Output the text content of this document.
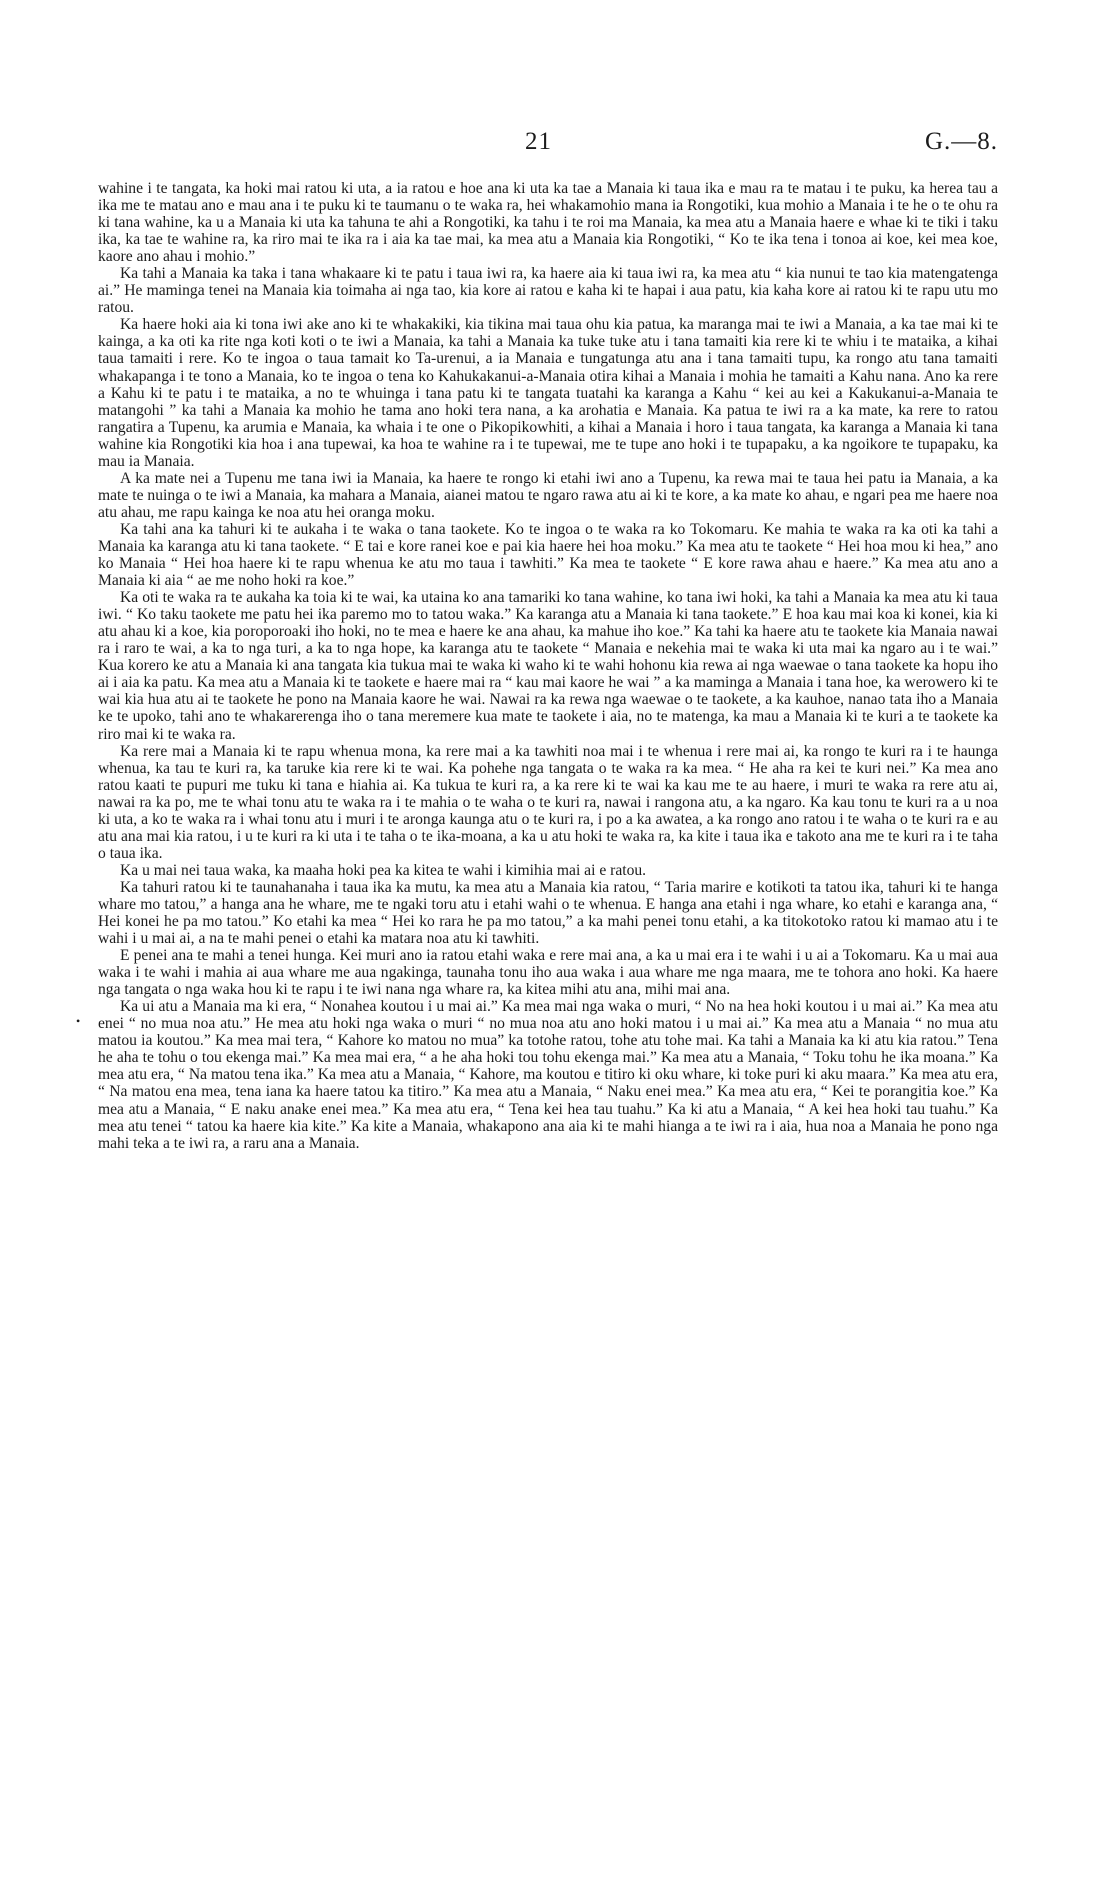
21	G.—8.
•

wahine i te tangata, ka hoki mai ratou ki uta, a ia ratou e hoe ana ki uta ka tae a Manaia ki taua ika e mau ra te matau i te puku, ka herea tau a ika me te matau ano e mau ana i te puku ki te taumanu o te waka ra, hei whakamohio mana ia Rongotiki, kua mohio a Manaia i te he o te ohu ra ki tana wahine, ka u a Manaia ki uta ka tahuna te ahi a Rongotiki, ka tahu i te roi ma Manaia, ka mea atu a Manaia haere e whae ki te tiki i taku ika, ka tae te wahine ra, ka riro mai te ika ra i aia ka tae mai, ka mea atu a Manaia kia Rongotiki, “ Ko te ika tena i tonoa ai koe, kei mea koe, kaore ano ahau i mohio.”

Ka tahi a Manaia ka taka i tana whakaare ki te patu i taua iwi ra, ka haere aia ki taua iwi ra, ka mea atu “ kia nunui te tao kia matengatenga ai.” He maminga tenei na Manaia kia toimaha ai nga tao, kia kore ai ratou e kaha ki te hapai i aua patu, kia kaha kore ai ratou ki te rapu utu mo ratou.

Ka haere hoki aia ki tona iwi ake ano ki te whakakiki, kia tikina mai taua ohu kia patua, ka maranga mai te iwi a Manaia, a ka tae mai ki te kainga, a ka oti ka rite nga koti koti o te iwi a Manaia, ka tahi a Manaia ka tuke tuke atu i tana tamaiti kia rere ki te whiu i te mataika, a kihai taua tamaiti i rere. Ko te ingoa o taua tamait ko Ta-urenui, a ia Manaia e tungatunga atu ana i tana tamaiti tupu, ka rongo atu tana tamaiti whakapanga i te tono a Manaia, ko te ingoa o tena ko Kahukakanui-a-Manaia otira kihai a Manaia i mohia he tamaiti a Kahu nana. Ano ka rere a Kahu ki te patu i te mataika, a no te whuinga i tana patu ki te tangata tuatahi ka karanga a Kahu “ kei au kei a Kakukanui-a-Manaia te matangohi ” ka tahi a Manaia ka mohio he tama ano hoki tera nana, a ka arohatia e Manaia. Ka patua te iwi ra a ka mate, ka rere to ratou rangatira a Tupenu, ka arumia e Manaia, ka whaia i te one o Pikopikowhiti, a kihai a Manaia i horo i taua tangata, ka karanga a Manaia ki tana wahine kia Rongotiki kia hoa i ana tupewai, ka hoa te wahine ra i te tupewai, me te tupe ano hoki i te tupapaku, a ka ngoikore te tupapaku, ka mau ia Manaia.

A ka mate nei a Tupenu me tana iwi ia Manaia, ka haere te rongo ki etahi iwi ano a Tupenu, ka rewa mai te taua hei patu ia Manaia, a ka mate te nuinga o te iwi a Manaia, ka mahara a Manaia, aianei matou te ngaro rawa atu ai ki te kore, a ka mate ko ahau, e ngari pea me haere noa atu ahau, me rapu kainga ke noa atu hei oranga moku.

Ka tahi ana ka tahuri ki te aukaha i te waka o tana taokete. Ko te ingoa o te waka ra ko Tokomaru. Ke mahia te waka ra ka oti ka tahi a Manaia ka karanga atu ki tana taokete. “ E tai e kore ranei koe e pai kia haere hei hoa moku.” Ka mea atu te taokete “ Hei hoa mou ki hea,” ano ko Manaia “ Hei hoa haere ki te rapu whenua ke atu mo taua i tawhiti.” Ka mea te taokete “ E kore rawa ahau e haere.” Ka mea atu ano a Manaia ki aia “ ae me noho hoki ra koe.”

Ka oti te waka ra te aukaha ka toia ki te wai, ka utaina ko ana tamariki ko tana wahine, ko tana iwi hoki, ka tahi a Manaia ka mea atu ki taua iwi. “ Ko taku taokete me patu hei ika paremo mo to tatou waka.” Ka karanga atu a Manaia ki tana taokete.” E hoa kau mai koa ki konei, kia ki atu ahau ki a koe, kia poroporoaki iho hoki, no te mea e haere ke ana ahau, ka mahue iho koe.” Ka tahi ka haere atu te taokete kia Manaia nawai ra i raro te wai, a ka to nga turi, a ka to nga hope, ka karanga atu te taokete “ Manaia e nekehia mai te waka ki uta mai ka ngaro au i te wai.” Kua korero ke atu a Manaia ki ana tangata kia tukua mai te waka ki waho ki te wahi hohonu kia rewa ai nga waewae o tana taokete ka hopu iho ai i aia ka patu. Ka mea atu a Manaia ki te taokete e haere mai ra “ kau mai kaore he wai ” a ka maminga a Manaia i tana hoe, ka werowero ki te wai kia hua atu ai te taokete he pono na Manaia kaore he wai. Nawai ra ka rewa nga waewae o te taokete, a ka kauhoe, nanao tata iho a Manaia ke te upoko, tahi ano te whakarerenga iho o tana meremere kua mate te taokete i aia, no te matenga, ka mau a Manaia ki te kuri a te taokete ka riro mai ki te waka ra.

Ka rere mai a Manaia ki te rapu whenua mona, ka rere mai a ka tawhiti noa mai i te whenua i rere mai ai, ka rongo te kuri ra i te haunga whenua, ka tau te kuri ra, ka taruke kia rere ki te wai. Ka pohehe nga tangata o te waka ra ka mea. “ He aha ra kei te kuri nei.” Ka mea ano ratou kaati te pupuri me tuku ki tana e hiahia ai. Ka tukua te kuri ra, a ka rere ki te wai ka kau me te au haere, i muri te waka ra rere atu ai, nawai ra ka po, me te whai tonu atu te waka ra i te mahia o te waha o te kuri ra, nawai i rangona atu, a ka ngaro. Ka kau tonu te kuri ra a u noa ki uta, a ko te waka ra i whai tonu atu i muri i te aronga kaunga atu o te kuri ra, i po a ka awatea, a ka rongo ano ratou i te waha o te kuri ra e au atu ana mai kia ratou, i u te kuri ra ki uta i te taha o te ika-moana, a ka u atu hoki te waka ra, ka kite i taua ika e takoto ana me te kuri ra i te taha o taua ika.

Ka u mai nei taua waka, ka maaha hoki pea ka kitea te wahi i kimihia mai ai e ratou.

Ka tahuri ratou ki te taunahanaha i taua ika ka mutu, ka mea atu a Manaia kia ratou, “ Taria marire e kotikoti ta tatou ika, tahuri ki te hanga whare mo tatou,” a hanga ana he whare, me te ngaki toru atu i etahi wahi o te whenua. E hanga ana etahi i nga whare, ko etahi e karanga ana, “ Hei konei he pa mo tatou.” Ko etahi ka mea “ Hei ko rara he pa mo tatou,” a ka mahi penei tonu etahi, a ka titokotoko ratou ki mamao atu i te wahi i u mai ai, a na te mahi penei o etahi ka matara noa atu ki tawhiti.

E penei ana te mahi a tenei hunga. Kei muri ano ia ratou etahi waka e rere mai ana, a ka u mai era i te wahi i u ai a Tokomaru. Ka u mai aua waka i te wahi i mahia ai aua whare me aua ngakinga, taunaha tonu iho aua waka i aua whare me nga maara, me te tohora ano hoki. Ka haere nga tangata o nga waka hou ki te rapu i te iwi nana nga whare ra, ka kitea mihi atu ana, mihi mai ana.

Ka ui atu a Manaia ma ki era, “ Nonahea koutou i u mai ai.” Ka mea mai nga waka o muri, “ No na hea hoki koutou i u mai ai.” Ka mea atu enei “ no mua noa atu.” He mea atu hoki nga waka o muri “ no mua noa atu ano hoki matou i u mai ai.” Ka mea atu a Manaia “ no mua atu matou ia koutou.” Ka mea mai tera, “ Kahore ko matou no mua” ka totohe ratou, tohe atu tohe mai. Ka tahi a Manaia ka ki atu kia ratou.” Tena he aha te tohu o tou ekenga mai.” Ka mea mai era, “ a he aha hoki tou tohu ekenga mai.” Ka mea atu a Manaia, “ Toku tohu he ika moana.” Ka mea atu era, “ Na matou tena ika.” Ka mea atu a Manaia, “ Kahore, ma koutou e titiro ki oku whare, ki toke puri ki aku maara.” Ka mea atu era, “ Na matou ena mea, tena iana ka haere tatou ka titiro.” Ka mea atu a Manaia, “ Naku enei mea.” Ka mea atu era, “ Kei te porangitia koe.” Ka mea atu a Manaia, “ E naku anake enei mea.” Ka mea atu era, “ Tena kei hea tau tuahu.” Ka ki atu a Manaia, “ A kei hea hoki tau tuahu.” Ka mea atu tenei “ tatou ka haere kia kite.” Ka kite a Manaia, whakapono ana aia ki te mahi hianga a te iwi ra i aia, hua noa a Manaia he pono nga mahi teka a te iwi ra, a raru ana a Manaia.
